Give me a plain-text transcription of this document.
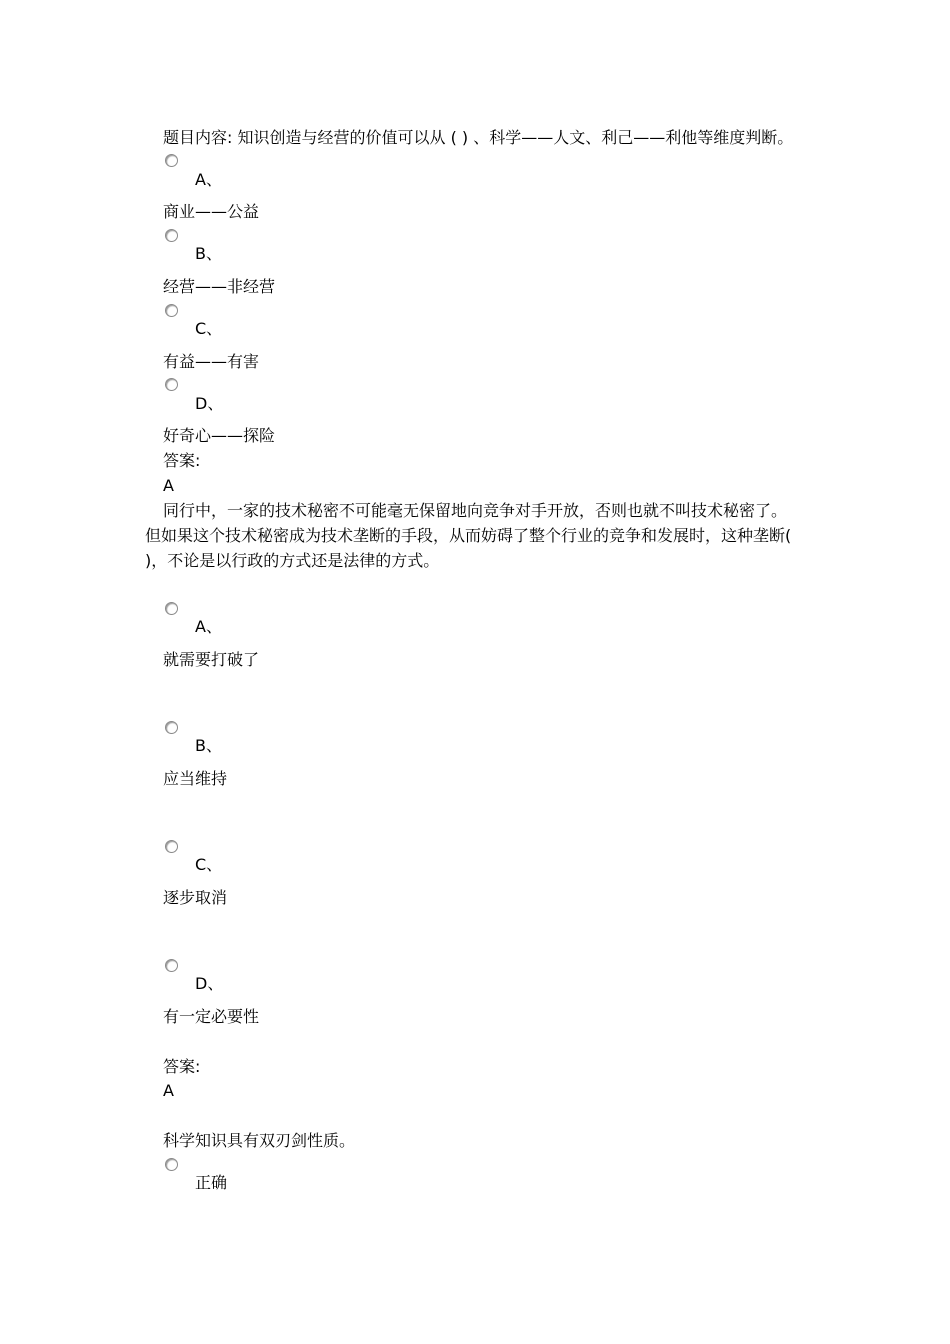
题目内容: 知识创造与经营的价值可以从 ( ) 、科学——人文、利己——利他等维度判断。
A、
商业——公益
B、
经营——非经营
C、
有益——有害
D、
好奇心——探险
答案:
A
同行中，一家的技术秘密不可能毫无保留地向竞争对手开放，否则也就不叫技术秘密了。
但如果这个技术秘密成为技术垄断的手段，从而妨碍了整个行业的竞争和发展时，这种垄断(
)，不论是以行政的方式还是法律的方式。
A、
就需要打破了
B、
应当维持
C、
逐步取消
D、
有一定必要性
答案:
A
科学知识具有双刃剑性质。
正确
